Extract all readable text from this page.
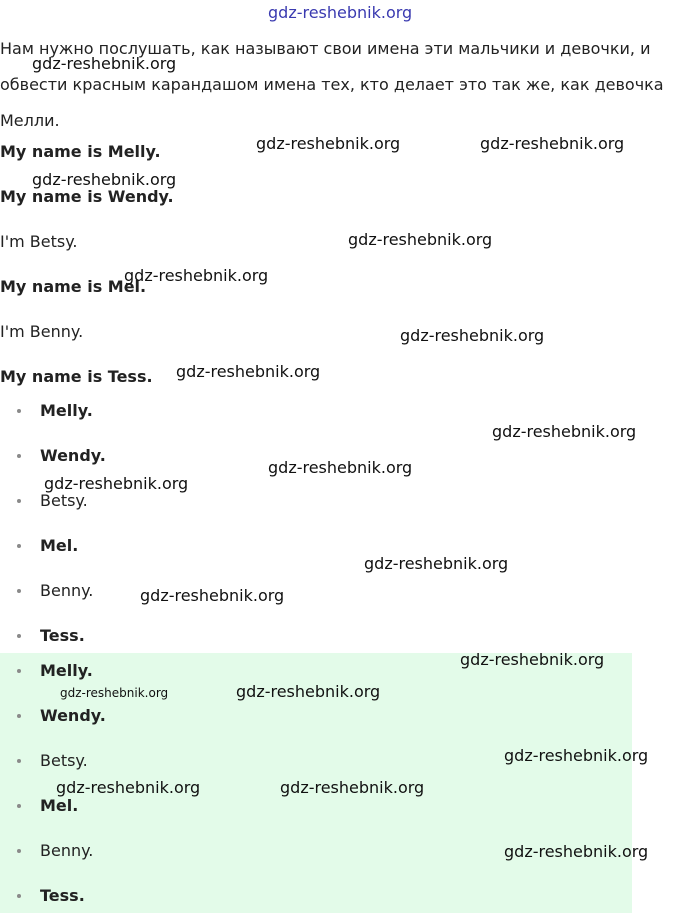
gdz-reshebnik.org
Нам нужно послушать, как называют свои имена эти мальчики и девочки, и обвести красным карандашом имена тех, кто делает это так же, как девочка Мелли.
My name is Melly.
My name is Wendy.
I'm Betsy.
My name is Mel.
I'm Benny.
My name is Tess.
Melly.
Wendy.
Betsy.
Mel.
Benny.
Tess.
Melly.
Wendy.
Betsy.
Mel.
Benny.
Tess.
gdz-reshebnik.org
gdz-reshebnik.org	gdz-reshebnik.org
gdz-reshebnik.org
gdz-reshebnik.org
gdz-reshebnik.org
gdz-reshebnik.org
gdz-reshebnik.org
gdz-reshebnik.org
gdz-reshebnik.org
gdz-reshebnik.org
gdz-reshebnik.org
gdz-reshebnik.org
gdz-reshebnik.org
gdz-reshebnik.org	gdz-reshebnik.org
gdz-reshebnik.org
gdz-reshebnik.org	gdz-reshebnik.org
gdz-reshebnik.org
